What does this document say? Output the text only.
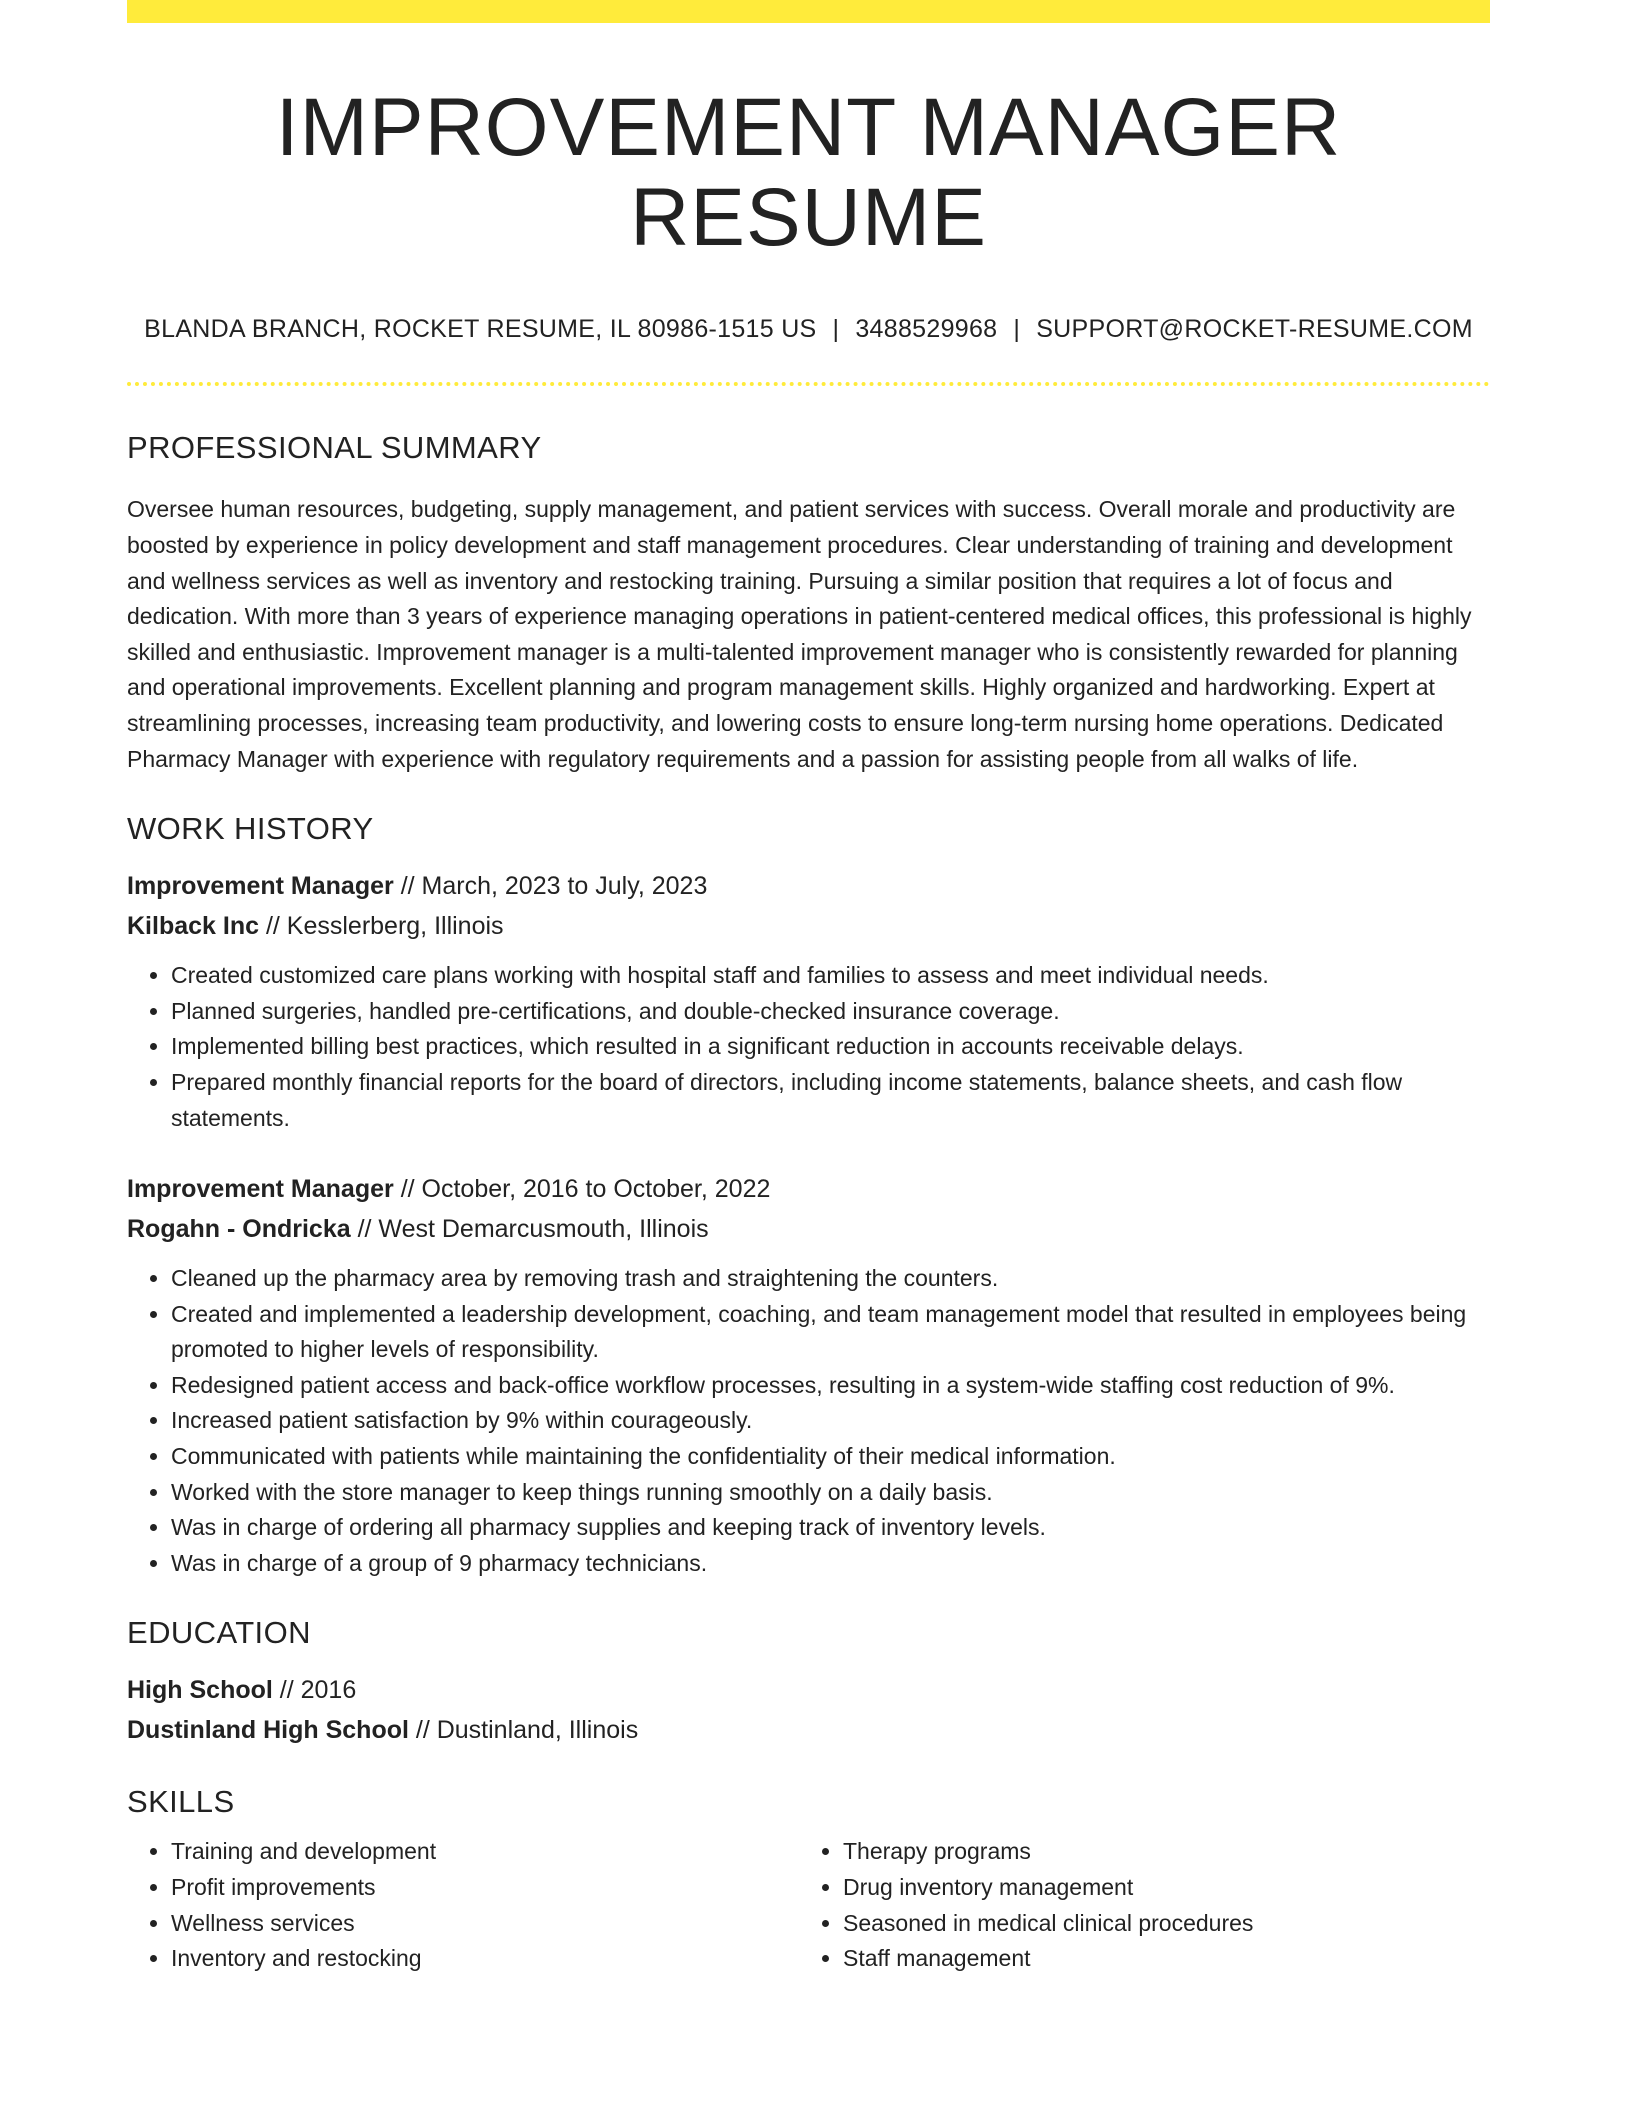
IMPROVEMENT MANAGER RESUME
BLANDA BRANCH, ROCKET RESUME, IL 80986-1515 US | 3488529968 | SUPPORT@ROCKET-RESUME.COM
PROFESSIONAL SUMMARY

Oversee human resources, budgeting, supply management, and patient services with success. Overall morale and productivity are boosted by experience in policy development and staff management procedures. Clear understanding of training and development and wellness services as well as inventory and restocking training. Pursuing a similar position that requires a lot of focus and dedication. With more than 3 years of experience managing operations in patient-centered medical offices, this professional is highly skilled and enthusiastic. Improvement manager is a multi-talented improvement manager who is consistently rewarded for planning and operational improvements. Excellent planning and program management skills. Highly organized and hardworking. Expert at streamlining processes, increasing team productivity, and lowering costs to ensure long-term nursing home operations. Dedicated Pharmacy Manager with experience with regulatory requirements and a passion for assisting people from all walks of life.

WORK HISTORY
Improvement Manager // March, 2023 to July, 2023
Kilback Inc // Kesslerberg, Illinois
• Created customized care plans working with hospital staff and families to assess and meet individual needs.
• Planned surgeries, handled pre-certifications, and double-checked insurance coverage.
• Implemented billing best practices, which resulted in a significant reduction in accounts receivable delays.
• Prepared monthly financial reports for the board of directors, including income statements, balance sheets, and cash flow statements.
Improvement Manager // October, 2016 to October, 2022
Rogahn - Ondricka // West Demarcusmouth, Illinois
• Cleaned up the pharmacy area by removing trash and straightening the counters.
• Created and implemented a leadership development, coaching, and team management model that resulted in employees being promoted to higher levels of responsibility.
• Redesigned patient access and back-office workflow processes, resulting in a system-wide staffing cost reduction of 9%.
• Increased patient satisfaction by 9% within courageously.
• Communicated with patients while maintaining the confidentiality of their medical information.
• Worked with the store manager to keep things running smoothly on a daily basis.
• Was in charge of ordering all pharmacy supplies and keeping track of inventory levels.
• Was in charge of a group of 9 pharmacy technicians.
EDUCATION
High School // 2016
Dustinland High School // Dustinland, Illinois
SKILLS
• Training and development
• Profit improvements
• Wellness services
• Inventory and restocking
• Therapy programs
• Drug inventory management
• Seasoned in medical clinical procedures
• Staff management
